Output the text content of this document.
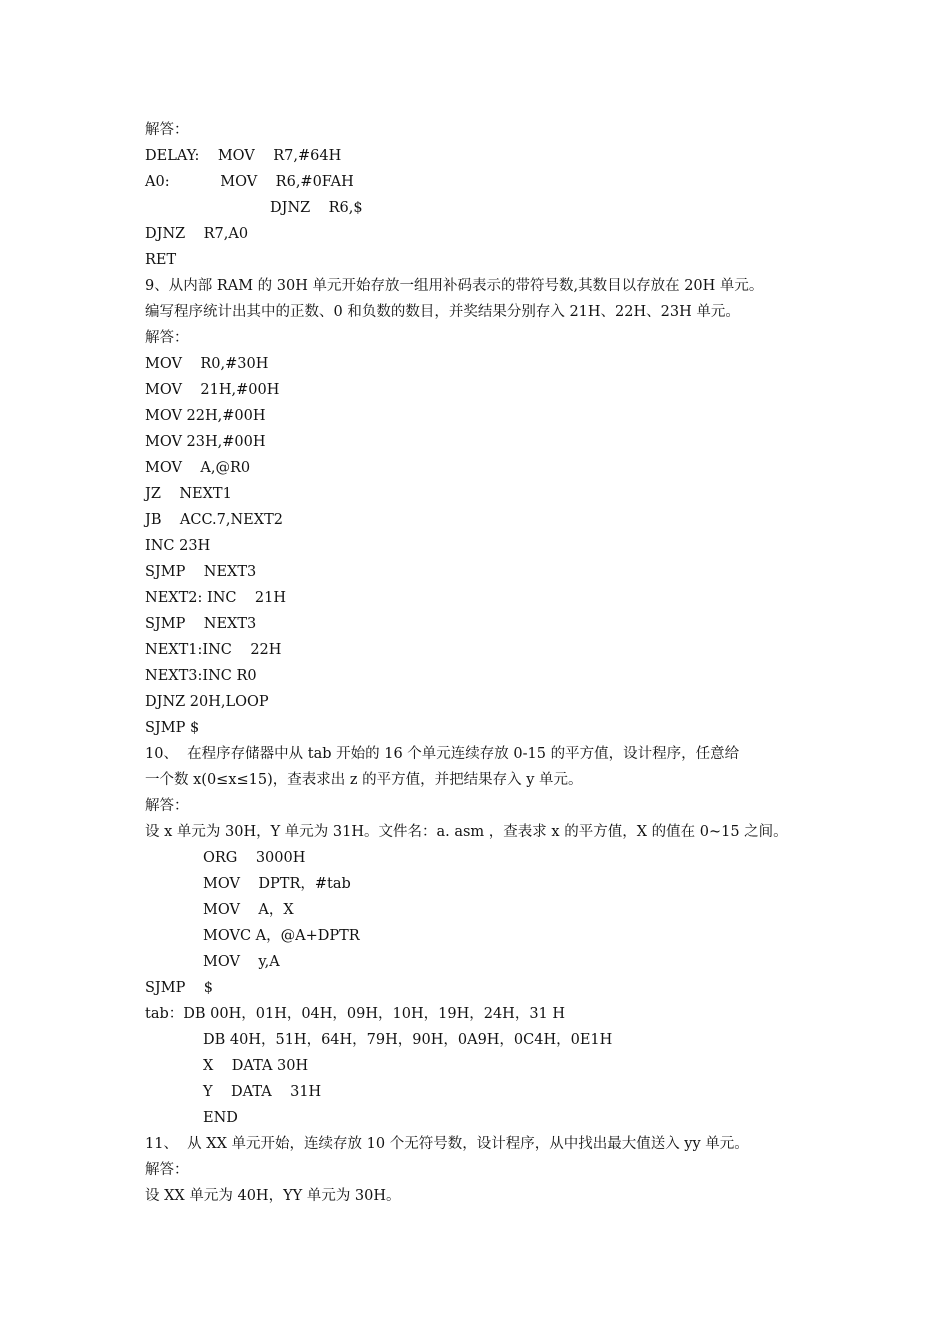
解答：
DELAY:    MOV    R7,#64H
A0:           MOV    R6,#0FAH
DJNZ    R6,$
DJNZ    R7,A0
RET
9、从内部 RAM 的 30H 单元开始存放一组用补码表示的带符号数,其数目以存放在 20H 单元。
编写程序统计出其中的正数、0 和负数的数目，并奖结果分别存入 21H、22H、23H 单元。
解答：
MOV    R0,#30H
MOV    21H,#00H
MOV 22H,#00H
MOV 23H,#00H
MOV    A,@R0
JZ    NEXT1
JB    ACC.7,NEXT2
INC 23H
SJMP    NEXT3
NEXT2: INC    21H
SJMP    NEXT3
NEXT1:INC    22H
NEXT3:INC R0
DJNZ 20H,LOOP
SJMP $
10、  在程序存储器中从 tab 开始的 16 个单元连续存放 0-15 的平方值，设计程序，任意给
一个数 x(0≤x≤15)，查表求出 z 的平方值，并把结果存入 y 单元。
解答：
设 x 单元为 30H，Y 单元为 31H。文件名：a. asm ，查表求 x 的平方值，X 的值在 0~15 之间。
ORG    3000H
MOV    DPTR，#tab
MOV    A，X
MOVC A，@A+DPTR
MOV    y,A
SJMP    $
tab：DB 00H，01H，04H，09H，10H，19H，24H，31 H
DB 40H，51H，64H，79H，90H，0A9H，0C4H，0E1H
X    DATA 30H
Y    DATA    31H
END
11、  从 XX 单元开始，连续存放 10 个无符号数，设计程序，从中找出最大值送入 yy 单元。
解答：
设 XX 单元为 40H，YY 单元为 30H。
